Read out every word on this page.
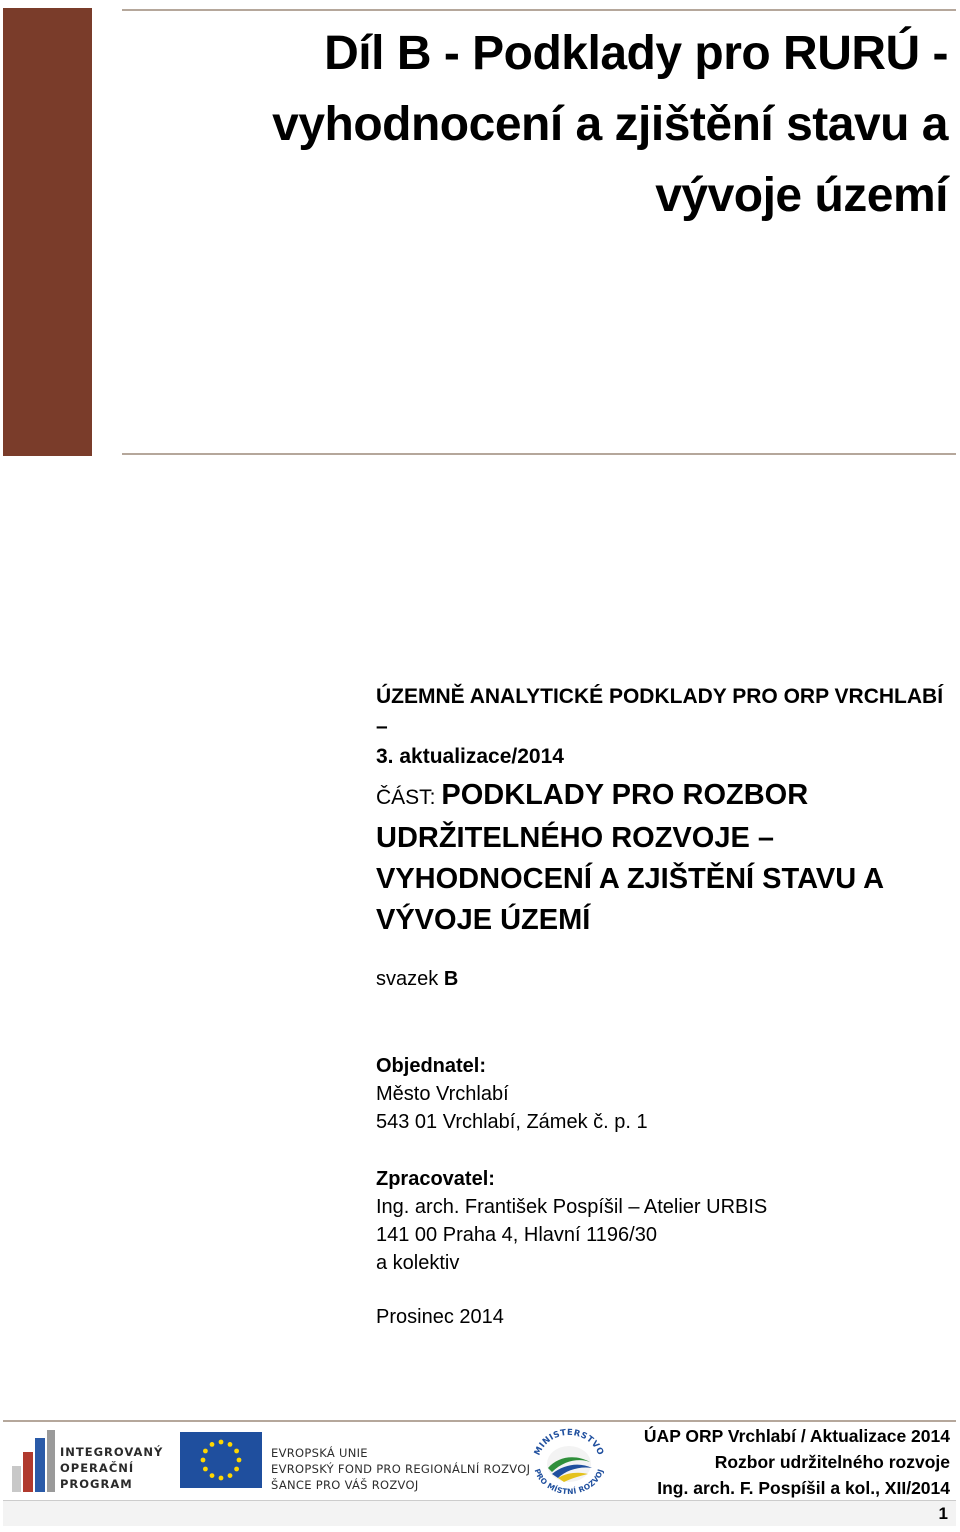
Díl B - Podklady pro RURÚ -
vyhodnocení a zjištění stavu a
vývoje území
ÚZEMNĚ ANALYTICKÉ PODKLADY PRO ORP VRCHLABÍ –
3. aktualizace/2014
ČÁST: PODKLADY PRO ROZBOR
UDRŽITELNÉHO ROZVOJE –
VYHODNOCENÍ A ZJIŠTĚNÍ STAVU A
VÝVOJE ÚZEMÍ
svazek B
Objednatel:
Město Vrchlabí
543 01 Vrchlabí, Zámek č. p. 1
Zpracovatel:
Ing. arch. František Pospíšil – Atelier URBIS
141 00 Praha 4, Hlavní 1196/30
a kolektiv
Prosinec 2014
INTEGROVANÝ
OPERAČNÍ
PROGRAM
EVROPSKÁ UNIE
EVROPSKÝ FOND PRO REGIONÁLNÍ ROZVOJ
ŠANCE PRO VÁŠ ROZVOJ
MINISTERSTVO
PRO MÍSTNÍ ROZVOJ
ÚAP ORP Vrchlabí / Aktualizace 2014
Rozbor udržitelného rozvoje
Ing. arch. F. Pospíšil a kol., XII/2014
1
